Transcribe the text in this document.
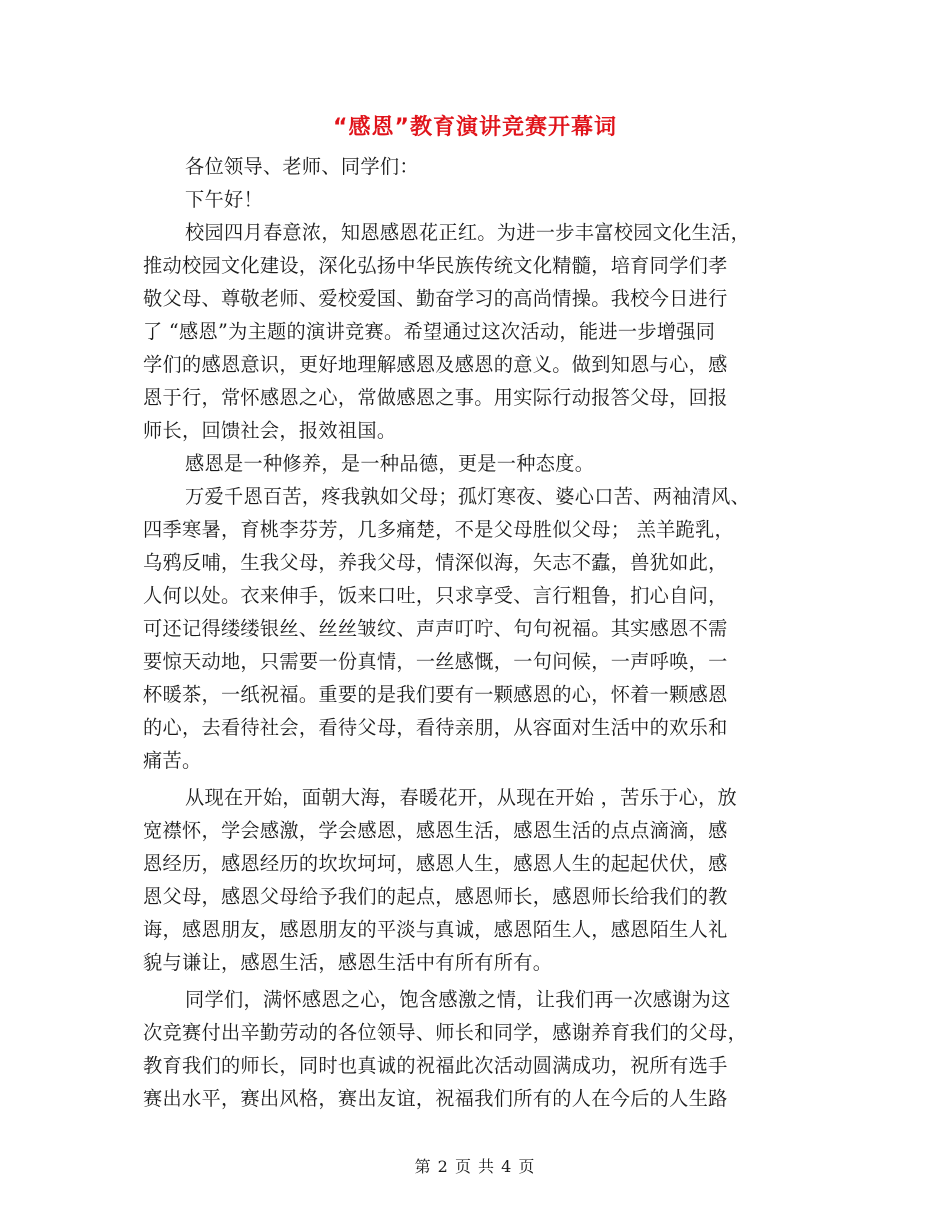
“感恩”教育演讲竞赛开幕词
各位领导、老师、同学们：
下午好！
校园四月春意浓，知恩感恩花正红。为进一步丰富校园文化生活，
推动校园文化建设，深化弘扬中华民族传统文化精髓，培育同学们孝
敬父母、尊敬老师、爱校爱国、勤奋学习的高尚情操。我校今日进行
了 “感恩”为主题的演讲竞赛。希望通过这次活动，能进一步增强同
学们的感恩意识，更好地理解感恩及感恩的意义。做到知恩与心，感
恩于行，常怀感恩之心，常做感恩之事。用实际行动报答父母，回报
师长，回馈社会，报效祖国。
感恩是一种修养，是一种品德，更是一种态度。
万爱千恩百苦，疼我孰如父母；孤灯寒夜、婆心口苦、两袖清风、
四季寒暑，育桃李芬芳，几多痛楚，不是父母胜似父母； 羔羊跪乳，
乌鸦反哺，生我父母，养我父母，情深似海，矢志不蠹，兽犹如此，
人何以处。衣来伸手，饭来口吐，只求享受、言行粗鲁，扪心自问，
可还记得缕缕银丝、丝丝皱纹、声声叮咛、句句祝福。其实感恩不需
要惊天动地，只需要一份真情，一丝感慨，一句问候，一声呼唤，一
杯暖茶，一纸祝福。重要的是我们要有一颗感恩的心，怀着一颗感恩
的心，去看待社会，看待父母，看待亲朋，从容面对生活中的欢乐和
痛苦。
从现在开始，面朝大海，春暖花开，从现在开始 ，苦乐于心，放
宽襟怀，学会感激，学会感恩，感恩生活，感恩生活的点点滴滴，感
恩经历，感恩经历的坎坎坷坷，感恩人生，感恩人生的起起伏伏，感
恩父母，感恩父母给予我们的起点，感恩师长，感恩师长给我们的教
诲，感恩朋友，感恩朋友的平淡与真诚，感恩陌生人，感恩陌生人礼
貌与谦让，感恩生活，感恩生活中有所有所有。
同学们，满怀感恩之心，饱含感激之情，让我们再一次感谢为这
次竞赛付出辛勤劳动的各位领导、师长和同学，感谢养育我们的父母，
教育我们的师长，同时也真诚的祝福此次活动圆满成功，祝所有选手
赛出水平，赛出风格，赛出友谊，祝福我们所有的人在今后的人生路
第 2 页 共 4 页
